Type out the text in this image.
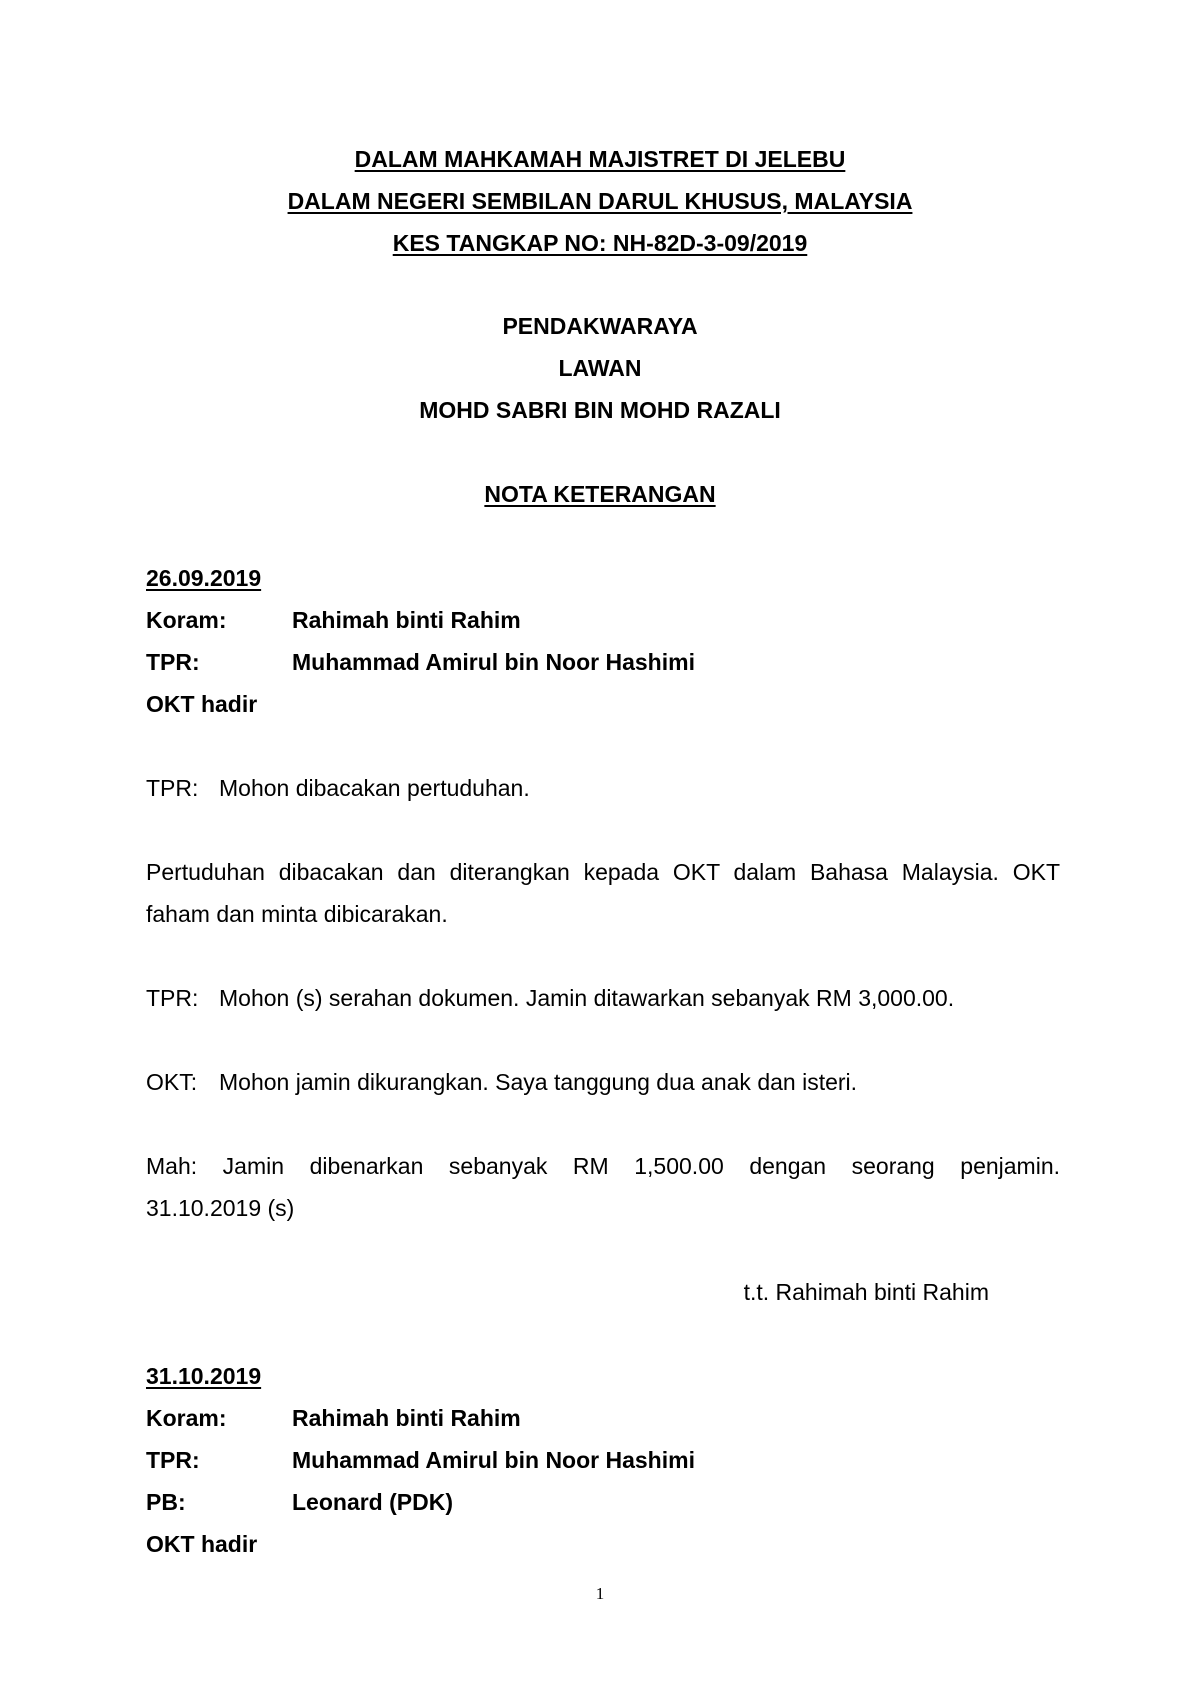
DALAM MAHKAMAH MAJISTRET DI JELEBU
DALAM NEGERI SEMBILAN DARUL KHUSUS, MALAYSIA
KES TANGKAP NO: NH-82D-3-09/2019
PENDAKWARAYA
LAWAN
MOHD SABRI BIN MOHD RAZALI
NOTA KETERANGAN
26.09.2019
Koram:	Rahimah binti Rahim
TPR:	Muhammad Amirul bin Noor Hashimi
OKT hadir
TPR: Mohon dibacakan pertuduhan.
Pertuduhan dibacakan dan diterangkan kepada OKT dalam Bahasa Malaysia. OKT
faham dan minta dibicarakan.
TPR: Mohon (s) serahan dokumen. Jamin ditawarkan sebanyak RM 3,000.00.
OKT: Mohon jamin dikurangkan. Saya tanggung dua anak dan isteri.
Mah: Jamin dibenarkan sebanyak RM 1,500.00 dengan seorang penjamin.
31.10.2019 (s)
t.t. Rahimah binti Rahim
31.10.2019
Koram:	Rahimah binti Rahim
TPR:	Muhammad Amirul bin Noor Hashimi
PB:	Leonard (PDK)
OKT hadir
1
